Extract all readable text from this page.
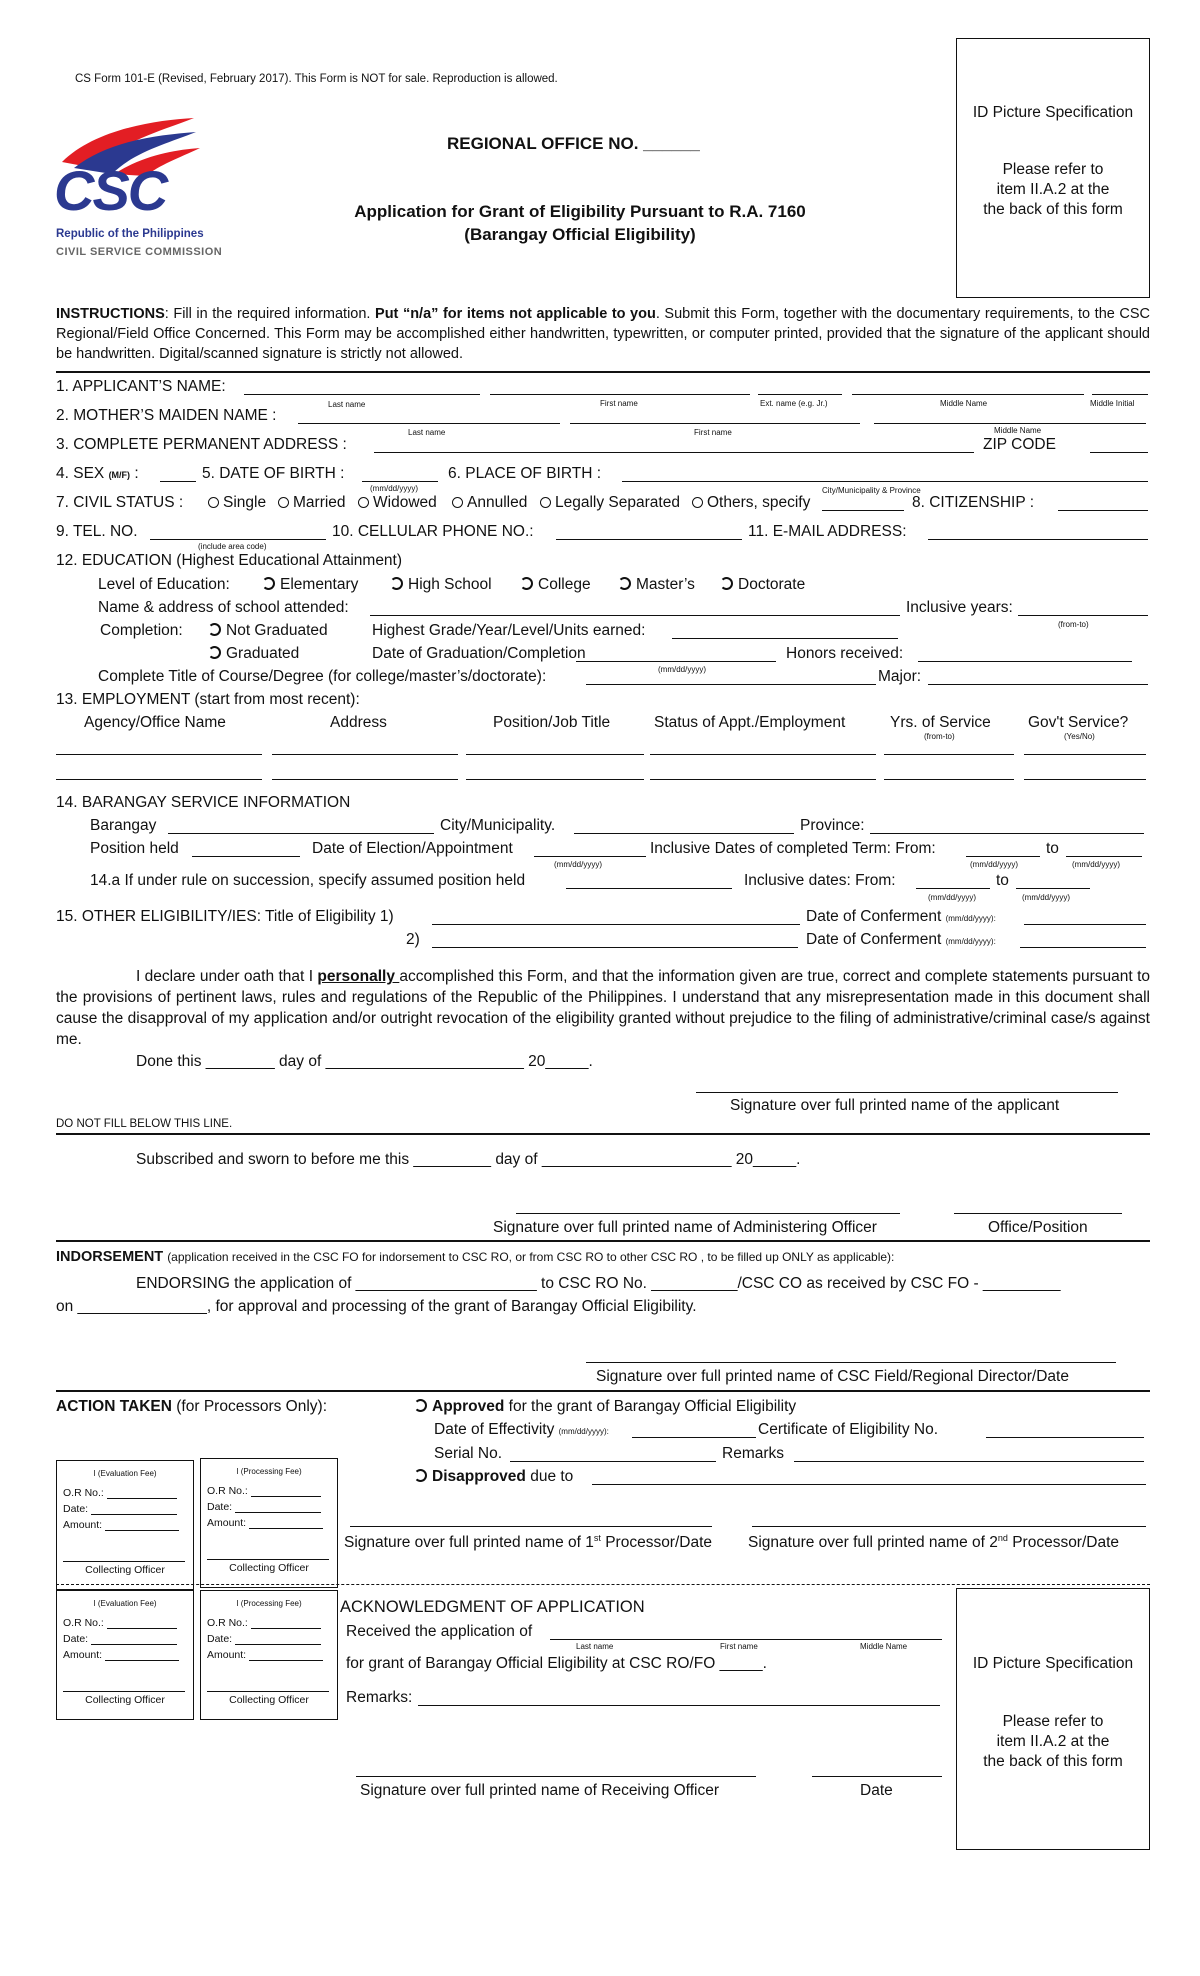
CS Form 101-E (Revised, February 2017). This Form is NOT for sale. Reproduction is allowed.
CSC
Republic of the Philippines
CIVIL SERVICE COMMISSION
REGIONAL OFFICE NO. ______
Application for Grant of Eligibility Pursuant to R.A. 7160
(Barangay Official Eligibility)
ID Picture Specification
Please refer to
item II.A.2 at the
the back of this form
INSTRUCTIONS: Fill in the required information. Put “n/a” for items not applicable to you. Submit this Form, together with the documentary requirements, to the CSC Regional/Field Office Concerned. This Form may be accomplished either handwritten, typewritten, or computer printed, provided that the signature of the applicant should be handwritten. Digital/scanned signature is strictly not allowed.
1. APPLICANT’S NAME:
Last name	First name	Ext. name (e.g. Jr.)	Middle Name	Middle Initial
2. MOTHER’S MAIDEN NAME :
Last name	First name	Middle Name
3. COMPLETE PERMANENT ADDRESS :	ZIP CODE
4. SEX (M/F) :	5. DATE OF BIRTH :
(mm/dd/yyyy)
6. PLACE OF BIRTH :
City/Municipality & Province
7. CIVIL STATUS :	Single	Married	Widowed	Annulled	Legally Separated	Others, specify	8. CITIZENSHIP :
9. TEL. NO.
(include area code)
10. CELLULAR PHONE NO.:	11. E-MAIL ADDRESS:
12. EDUCATION (Highest Educational Attainment)
Level of Education:	Elementary	High School	College	Master’s	Doctorate
Name & address of school attended:	Inclusive years:
(from-to)
Completion:	Not Graduated	Highest Grade/Year/Level/Units earned:
Graduated	Date of Graduation/Completion	Honors received:
Complete Title of Course/Degree (for college/master’s/doctorate):	(mm/dd/yyyy)	Major:
13. EMPLOYMENT (start from most recent):
Agency/Office Name	Address	Position/Job Title	Status of Appt./Employment	Yrs. of Service Gov't Service?
(from-to)	(Yes/No)
14. BARANGAY SERVICE INFORMATION
Barangay	City/Municipality.	Province:
Position held	Date of Election/Appointment
(mm/dd/yyyy)
Inclusive Dates of completed Term: From:
(mm/dd/yyyy)
to
(mm/dd/yyyy)
14.a If under rule on succession, specify assumed position held	Inclusive dates: From:
(mm/dd/yyyy)
to
(mm/dd/yyyy)
15. OTHER ELIGIBILITY/IES: Title of Eligibility 1)	Date of Conferment (mm/dd/yyyy):
2)	Date of Conferment (mm/dd/yyyy):
I declare under oath that I personally accomplished this Form, and that the information given are true, correct and complete statements pursuant to the provisions of pertinent laws, rules and regulations of the Republic of the Philippines. I understand that any misrepresentation made in this document shall cause the disapproval of my application and/or outright revocation of the eligibility granted without prejudice to the filing of administrative/criminal case/s against me.
Done this ________ day of _______________________ 20_____.
Signature over full printed name of the applicant
DO NOT FILL BELOW THIS LINE.
Subscribed and sworn to before me this _________ day of ______________________ 20_____.
Signature over full printed name of Administering Officer	Office/Position
INDORSEMENT (application received in the CSC FO for indorsement to CSC RO, or from CSC RO to other CSC RO , to be filled up ONLY as applicable):
ENDORSING the application of _____________________ to CSC RO No. __________/CSC CO as received by CSC FO - _________
on _______________, for approval and processing of the grant of Barangay Official Eligibility.
Signature over full printed name of CSC Field/Regional Director/Date
ACTION TAKEN (for Processors Only):	Approved for the grant of Barangay Official Eligibility
Date of Effectivity (mm/dd/yyyy):	Certificate of Eligibility No.
Serial No.	Remarks
Disapproved due to
Signature over full printed name of 1st Processor/Date Signature over full printed name of 2nd Processor/Date
I (Evaluation Fee)
O.R No.:
Date:
Amount:
Collecting Officer
I (Processing Fee)
O.R No.:
Date:
Amount:
Collecting Officer
I (Evaluation Fee)
O.R No.:
Date:
Amount:
Collecting Officer
I (Processing Fee)
O.R No.:
Date:
Amount:
Collecting Officer
ACKNOWLEDGMENT OF APPLICATION
Received the application of
Last name	First name	Middle Name
for grant of Barangay Official Eligibility at CSC RO/FO _____.
Remarks:
Signature over full printed name of Receiving Officer	Date
ID Picture Specification
Please refer to
item II.A.2 at the
the back of this form
